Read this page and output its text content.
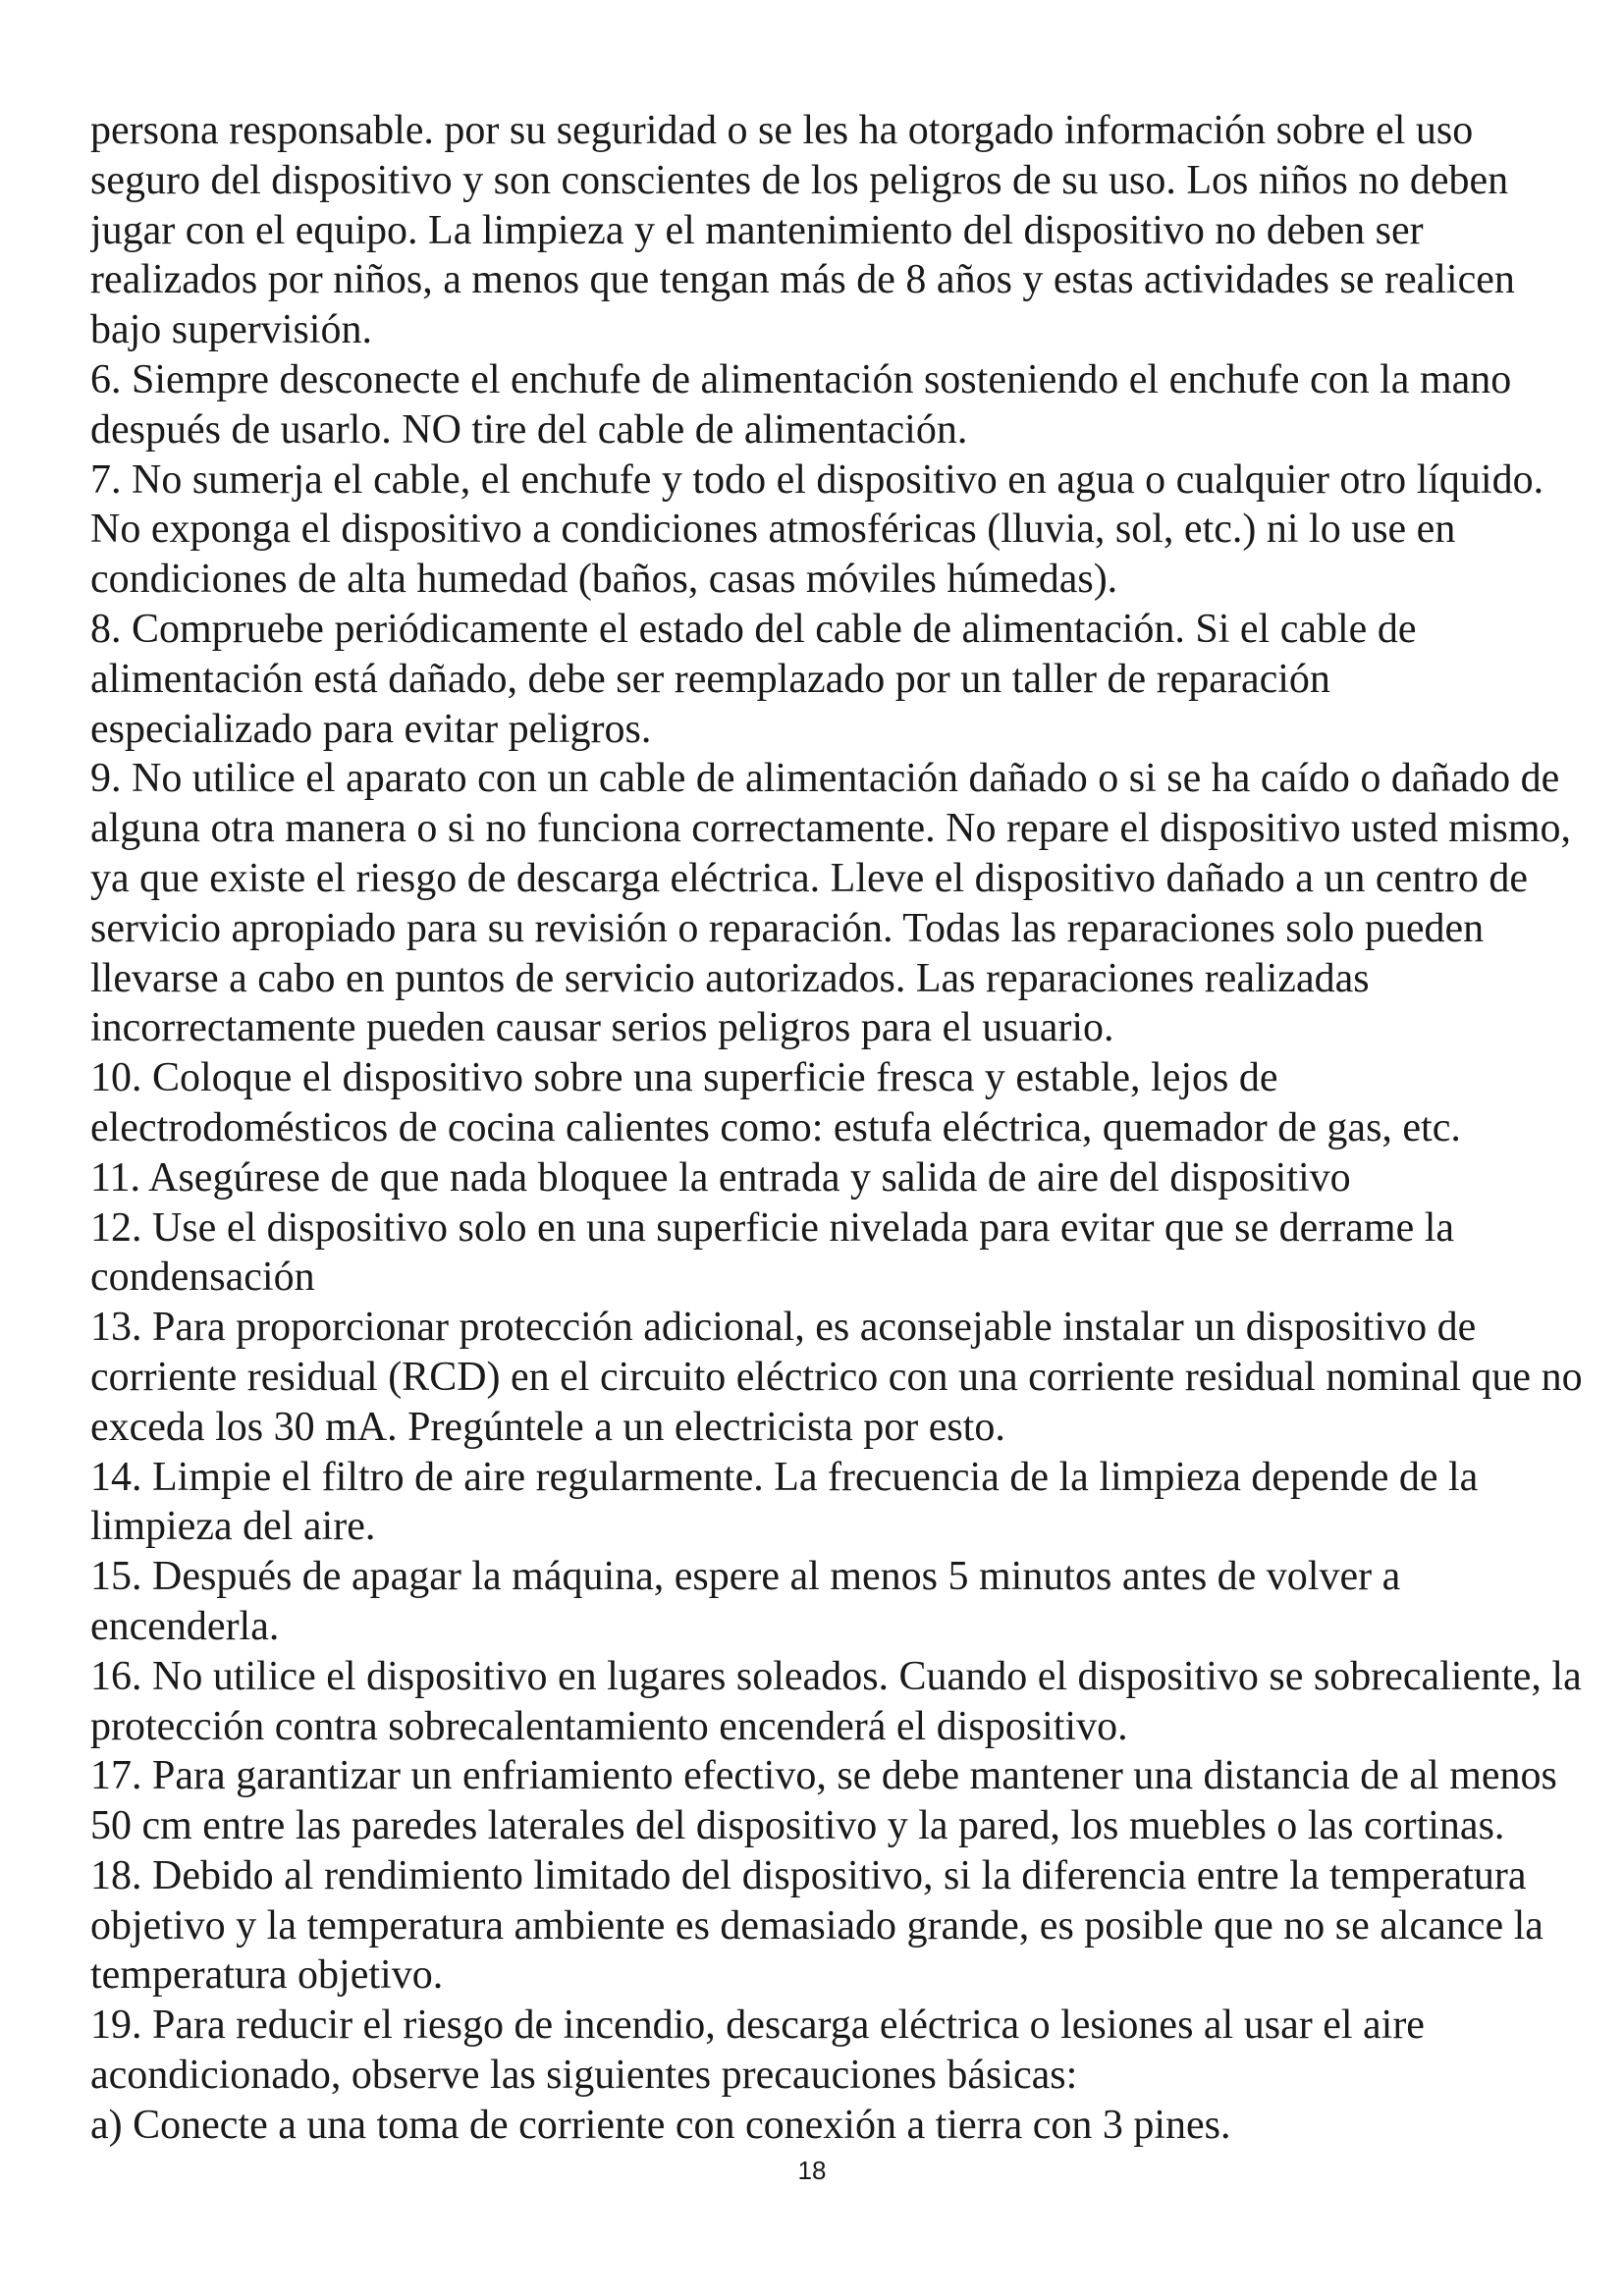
persona responsable. por su seguridad o se les ha otorgado información sobre el uso
seguro del dispositivo y son conscientes de los peligros de su uso. Los niños no deben
jugar con el equipo. La limpieza y el mantenimiento del dispositivo no deben ser
realizados por niños, a menos que tengan más de 8 años y estas actividades se realicen
bajo supervisión.
6. Siempre desconecte el enchufe de alimentación sosteniendo el enchufe con la mano
después de usarlo. NO tire del cable de alimentación.
7. No sumerja el cable, el enchufe y todo el dispositivo en agua o cualquier otro líquido.
No exponga el dispositivo a condiciones atmosféricas (lluvia, sol, etc.) ni lo use en
condiciones de alta humedad (baños, casas móviles húmedas).
8. Compruebe periódicamente el estado del cable de alimentación. Si el cable de
alimentación está dañado, debe ser reemplazado por un taller de reparación
especializado para evitar peligros.
9. No utilice el aparato con un cable de alimentación dañado o si se ha caído o dañado de
alguna otra manera o si no funciona correctamente. No repare el dispositivo usted mismo,
ya que existe el riesgo de descarga eléctrica. Lleve el dispositivo dañado a un centro de
servicio apropiado para su revisión o reparación. Todas las reparaciones solo pueden
llevarse a cabo en puntos de servicio autorizados. Las reparaciones realizadas
incorrectamente pueden causar serios peligros para el usuario.
10. Coloque el dispositivo sobre una superficie fresca y estable, lejos de
electrodomésticos de cocina calientes como: estufa eléctrica, quemador de gas, etc.
11. Asegúrese de que nada bloquee la entrada y salida de aire del dispositivo
12. Use el dispositivo solo en una superficie nivelada para evitar que se derrame la
condensación
13. Para proporcionar protección adicional, es aconsejable instalar un dispositivo de
corriente residual (RCD) en el circuito eléctrico con una corriente residual nominal que no
exceda los 30 mA. Pregúntele a un electricista por esto.
14. Limpie el filtro de aire regularmente. La frecuencia de la limpieza depende de la
limpieza del aire.
15. Después de apagar la máquina, espere al menos 5 minutos antes de volver a
encenderla.
16. No utilice el dispositivo en lugares soleados. Cuando el dispositivo se sobrecaliente, la
protección contra sobrecalentamiento encenderá el dispositivo.
17. Para garantizar un enfriamiento efectivo, se debe mantener una distancia de al menos
50 cm entre las paredes laterales del dispositivo y la pared, los muebles o las cortinas.
18. Debido al rendimiento limitado del dispositivo, si la diferencia entre la temperatura
objetivo y la temperatura ambiente es demasiado grande, es posible que no se alcance la
temperatura objetivo.
19. Para reducir el riesgo de incendio, descarga eléctrica o lesiones al usar el aire
acondicionado, observe las siguientes precauciones básicas:
a) Conecte a una toma de corriente con conexión a tierra con 3 pines.
18
